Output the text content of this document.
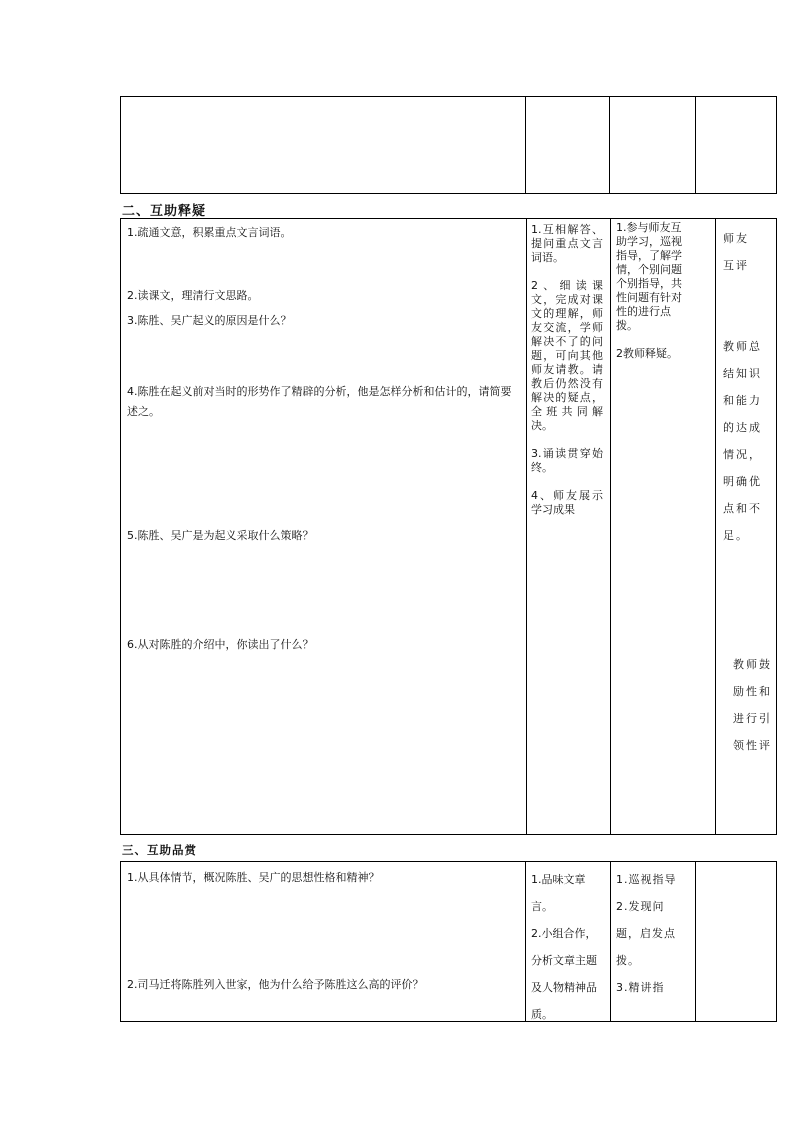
二、互助释疑
1.疏通文意，积累重点文言词语。
2.读课文，理清行文思路。
3.陈胜、吴广起义的原因是什么？
4.陈胜在起义前对当时的形势作了精辟的分析，他是怎样分析和估计的，请简要述之。
5.陈胜、吴广是为起义采取什么策略？
6.从对陈胜的介绍中，你读出了什么？
1.互相解答、提问重点文言词语。

2、细读课文，完成对课文的理解，师友交流，学师解决不了的问题，可向其他师友请教。请教后仍然没有解决的疑点，全班共同解决。

3.诵读贯穿始终。

4、师友展示学习成果
1.参与师友互助学习，巡视指导，了解学情，个别问题个别指导，共性问题有针对性的进行点拨。

2教师释疑。
师友
互评

教师总结知识和能力的达成情况，明确优点和不足。
教师鼓励性和进行引领性评
三、互助品赏
1.从具体情节，概况陈胜、吴广的思想性格和精神？
2.司马迁将陈胜列入世家，他为什么给予陈胜这么高的评价？
1.品味文章言。
2.小组合作，分析文章主题及人物精神品质。
1.巡视指导
2.发现问题，启发点拨。
3.精讲指
